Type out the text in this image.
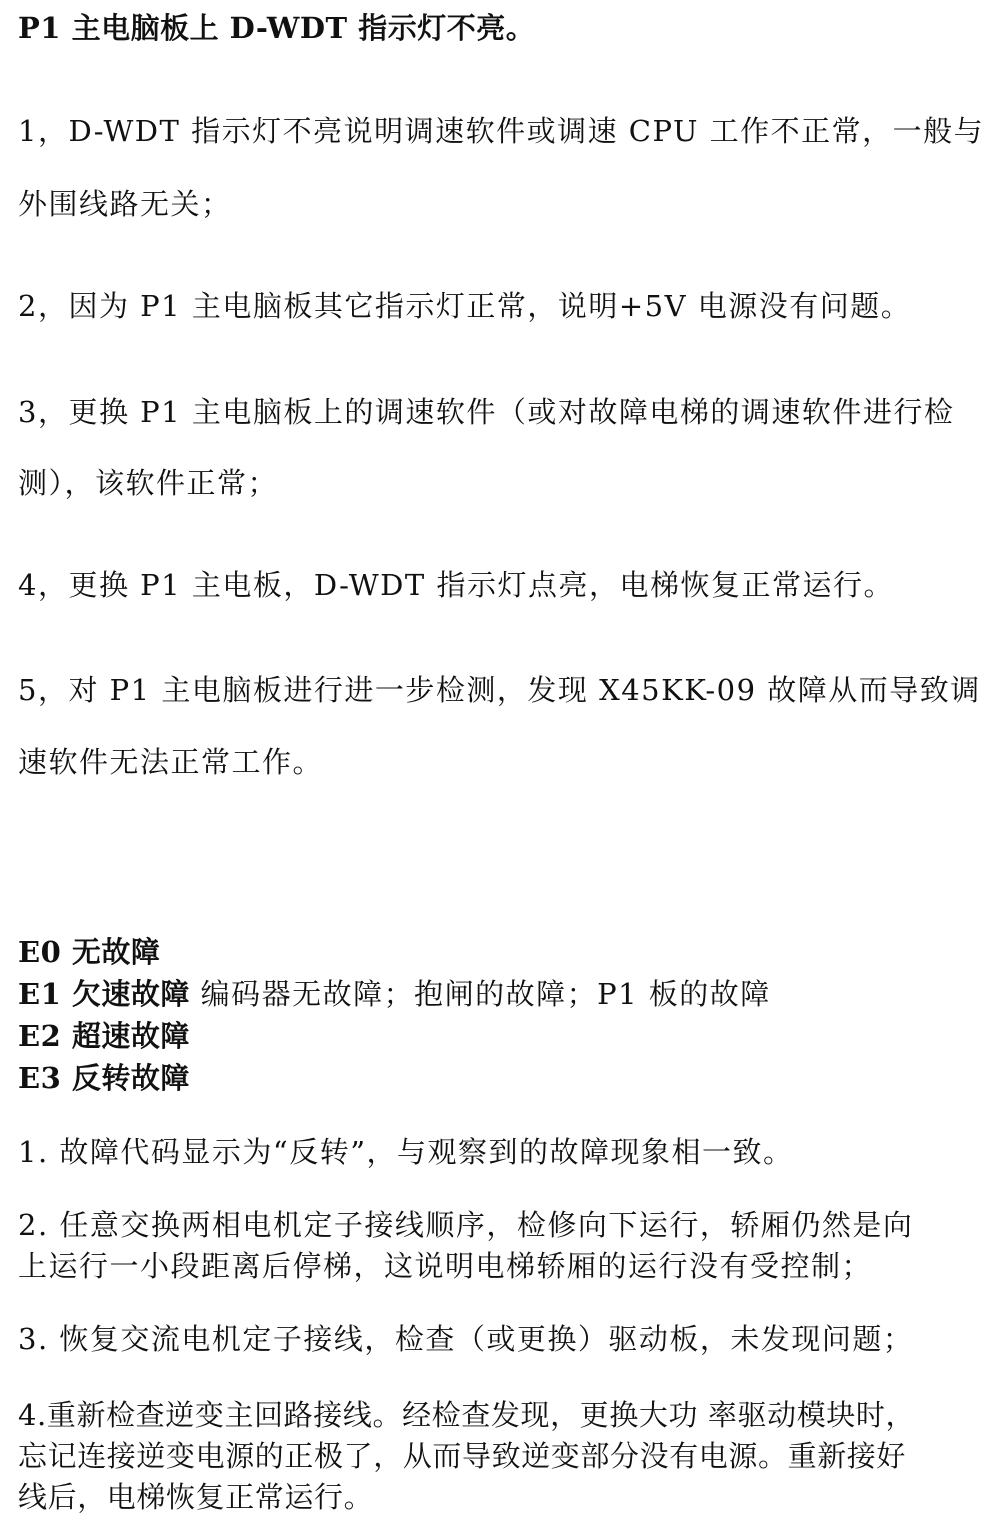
P1 主电脑板上 D-WDT 指示灯不亮。
1，D-WDT 指示灯不亮说明调速软件或调速 CPU 工作不正常，一般与
外围线路无关；
2，因为 P1 主电脑板其它指示灯正常，说明+5V 电源没有问题。
3，更换 P1 主电脑板上的调速软件（或对故障电梯的调速软件进行检
测），该软件正常；
4，更换 P1 主电板，D-WDT 指示灯点亮，电梯恢复正常运行。
5，对 P1 主电脑板进行进一步检测，发现 X45KK-09 故障从而导致调
速软件无法正常工作。
E0 无故障
E1 欠速故障 编码器无故障；抱闸的故障；P1 板的故障
E2 超速故障
E3 反转故障
1. 故障代码显示为“反转”，与观察到的故障现象相一致。
2. 任意交换两相电机定子接线顺序，检修向下运行，轿厢仍然是向
上运行一小段距离后停梯，这说明电梯轿厢的运行没有受控制；
3. 恢复交流电机定子接线，检查（或更换）驱动板，未发现问题；
4.重新检查逆变主回路接线。经检查发现，更换大功 率驱动模块时，
忘记连接逆变电源的正极了，从而导致逆变部分没有电源。重新接好
线后，电梯恢复正常运行。
